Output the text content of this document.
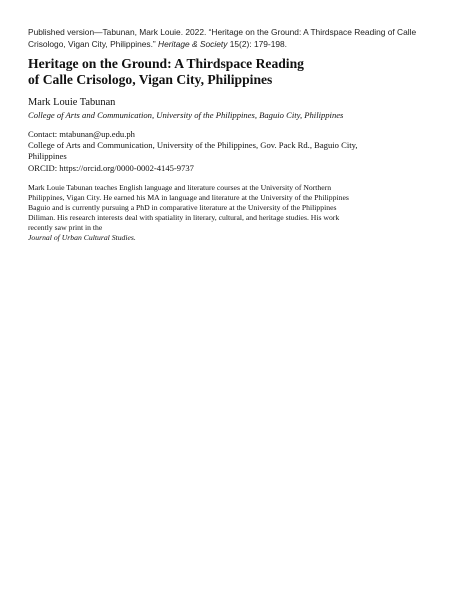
Published version—Tabunan, Mark Louie. 2022. “Heritage on the Ground: A Thirdspace Reading of Calle
Crisologo, Vigan City, Philippines.” Heritage & Society 15(2): 179-198.
Heritage on the Ground: A Thirdspace Reading
of Calle Crisologo, Vigan City, Philippines
Mark Louie Tabunan
College of Arts and Communication, University of the Philippines, Baguio City, Philippines
Contact: mtabunan@up.edu.ph
College of Arts and Communication, University of the Philippines, Gov. Pack Rd., Baguio City,
Philippines
ORCID: https://orcid.org/0000-0002-4145-9737
Mark Louie Tabunan teaches English language and literature courses at the University of Northern
Philippines, Vigan City. He earned his MA in language and literature at the University of the Philippines
Baguio and is currently pursuing a PhD in comparative literature at the University of the Philippines
Diliman. His research interests deal with spatiality in literary, cultural, and heritage studies. His work
recently saw print in the
Journal of Urban Cultural Studies.
